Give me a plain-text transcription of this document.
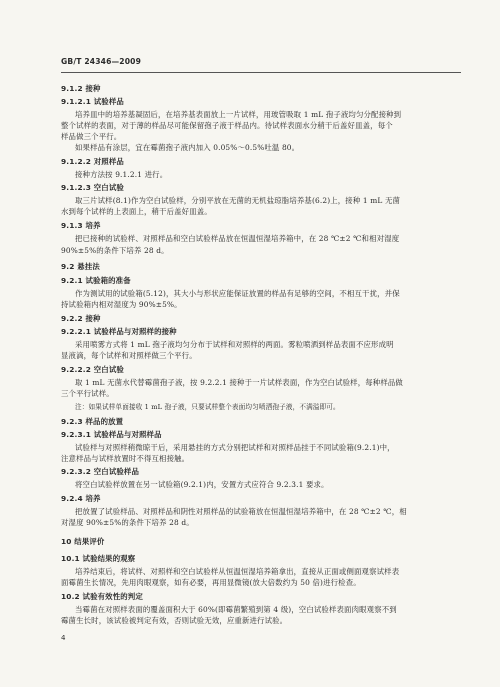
GB/T 24346—2009
9.1.2 接种
9.1.2.1 试验样品
培养皿中的培养基凝固后，在培养基表面放上一片试样，用玻管吸取 1 mL 孢子液均匀分配接种到
整个试样的表面，对于薄的样品尽可能保留孢子液于样品内。待试样表面水分稍干后盖好皿盖，每个
样品做三个平行。
如果样品有涂层，宜在霉菌孢子液内加入 0.05%～0.5%吐温 80。
9.1.2.2 对照样品
接种方法按 9.1.2.1 进行。
9.1.2.3 空白试验
取三片试样(8.1)作为空白试验样，分别平放在无菌的无机盐琼脂培养基(6.2)上，接种 1 mL 无菌
水到每个试样的上表面上，稍干后盖好皿盖。
9.1.3 培养
把已接种的试验样、对照样品和空白试验样品放在恒温恒湿培养箱中，在 28 ℃±2 ℃和相对湿度
90%±5%的条件下培养 28 d。
9.2 悬挂法
9.2.1 试验箱的准备
作为测试用的试验箱(5.12)，其大小与形状应能保证放置的样品有足够的空间，不相互干扰，并保
持试验箱内相对湿度为 90%±5%。
9.2.2 接种
9.2.2.1 试验样品与对照样的接种
采用喷雾方式将 1 mL 孢子液均匀分布于试样和对照样的两面。雾粒喷洒到样品表面不应形成明
显液滴，每个试样和对照样做三个平行。
9.2.2.2 空白试验
取 1 mL 无菌水代替霉菌孢子液，按 9.2.2.1 接种于一片试样表面，作为空白试验样，每种样品做
三个平行试样。
注：如果试样单面接收 1 mL 孢子液，只要试样整个表面均匀喷洒孢子液，不满溢即可。
9.2.3 样品的放置
9.2.3.1 试验样品与对照样品
试验样与对照样稍微晾干后，采用悬挂的方式分别把试样和对照样品挂于不同试验箱(9.2.1)中，
注意样品与试样放置时不得互相接触。
9.2.3.2 空白试验样品
将空白试验样放置在另一试验箱(9.2.1)内，安置方式应符合 9.2.3.1 要求。
9.2.4 培养
把放置了试验样品、对照样品和阴性对照样品的试验箱放在恒温恒湿培养箱中，在 28 ℃±2 ℃，相
对湿度 90%±5%的条件下培养 28 d。
10 结果评价
10.1 试验结果的观察
培养结束后，将试样、对照样和空白试验样从恒温恒湿培养箱拿出，直接从正面或侧面观察试样表
面霉菌生长情况，先用肉眼观察，如有必要，再用显微镜(放大倍数约为 50 倍)进行检查。
10.2 试验有效性的判定
当霉菌在对照样表面的覆盖面积大于 60%(即霉菌繁殖到第 4 级)，空白试验样表面肉眼观察不到
霉菌生长时，该试验被判定有效，否则试验无效，应重新进行试验。
4
